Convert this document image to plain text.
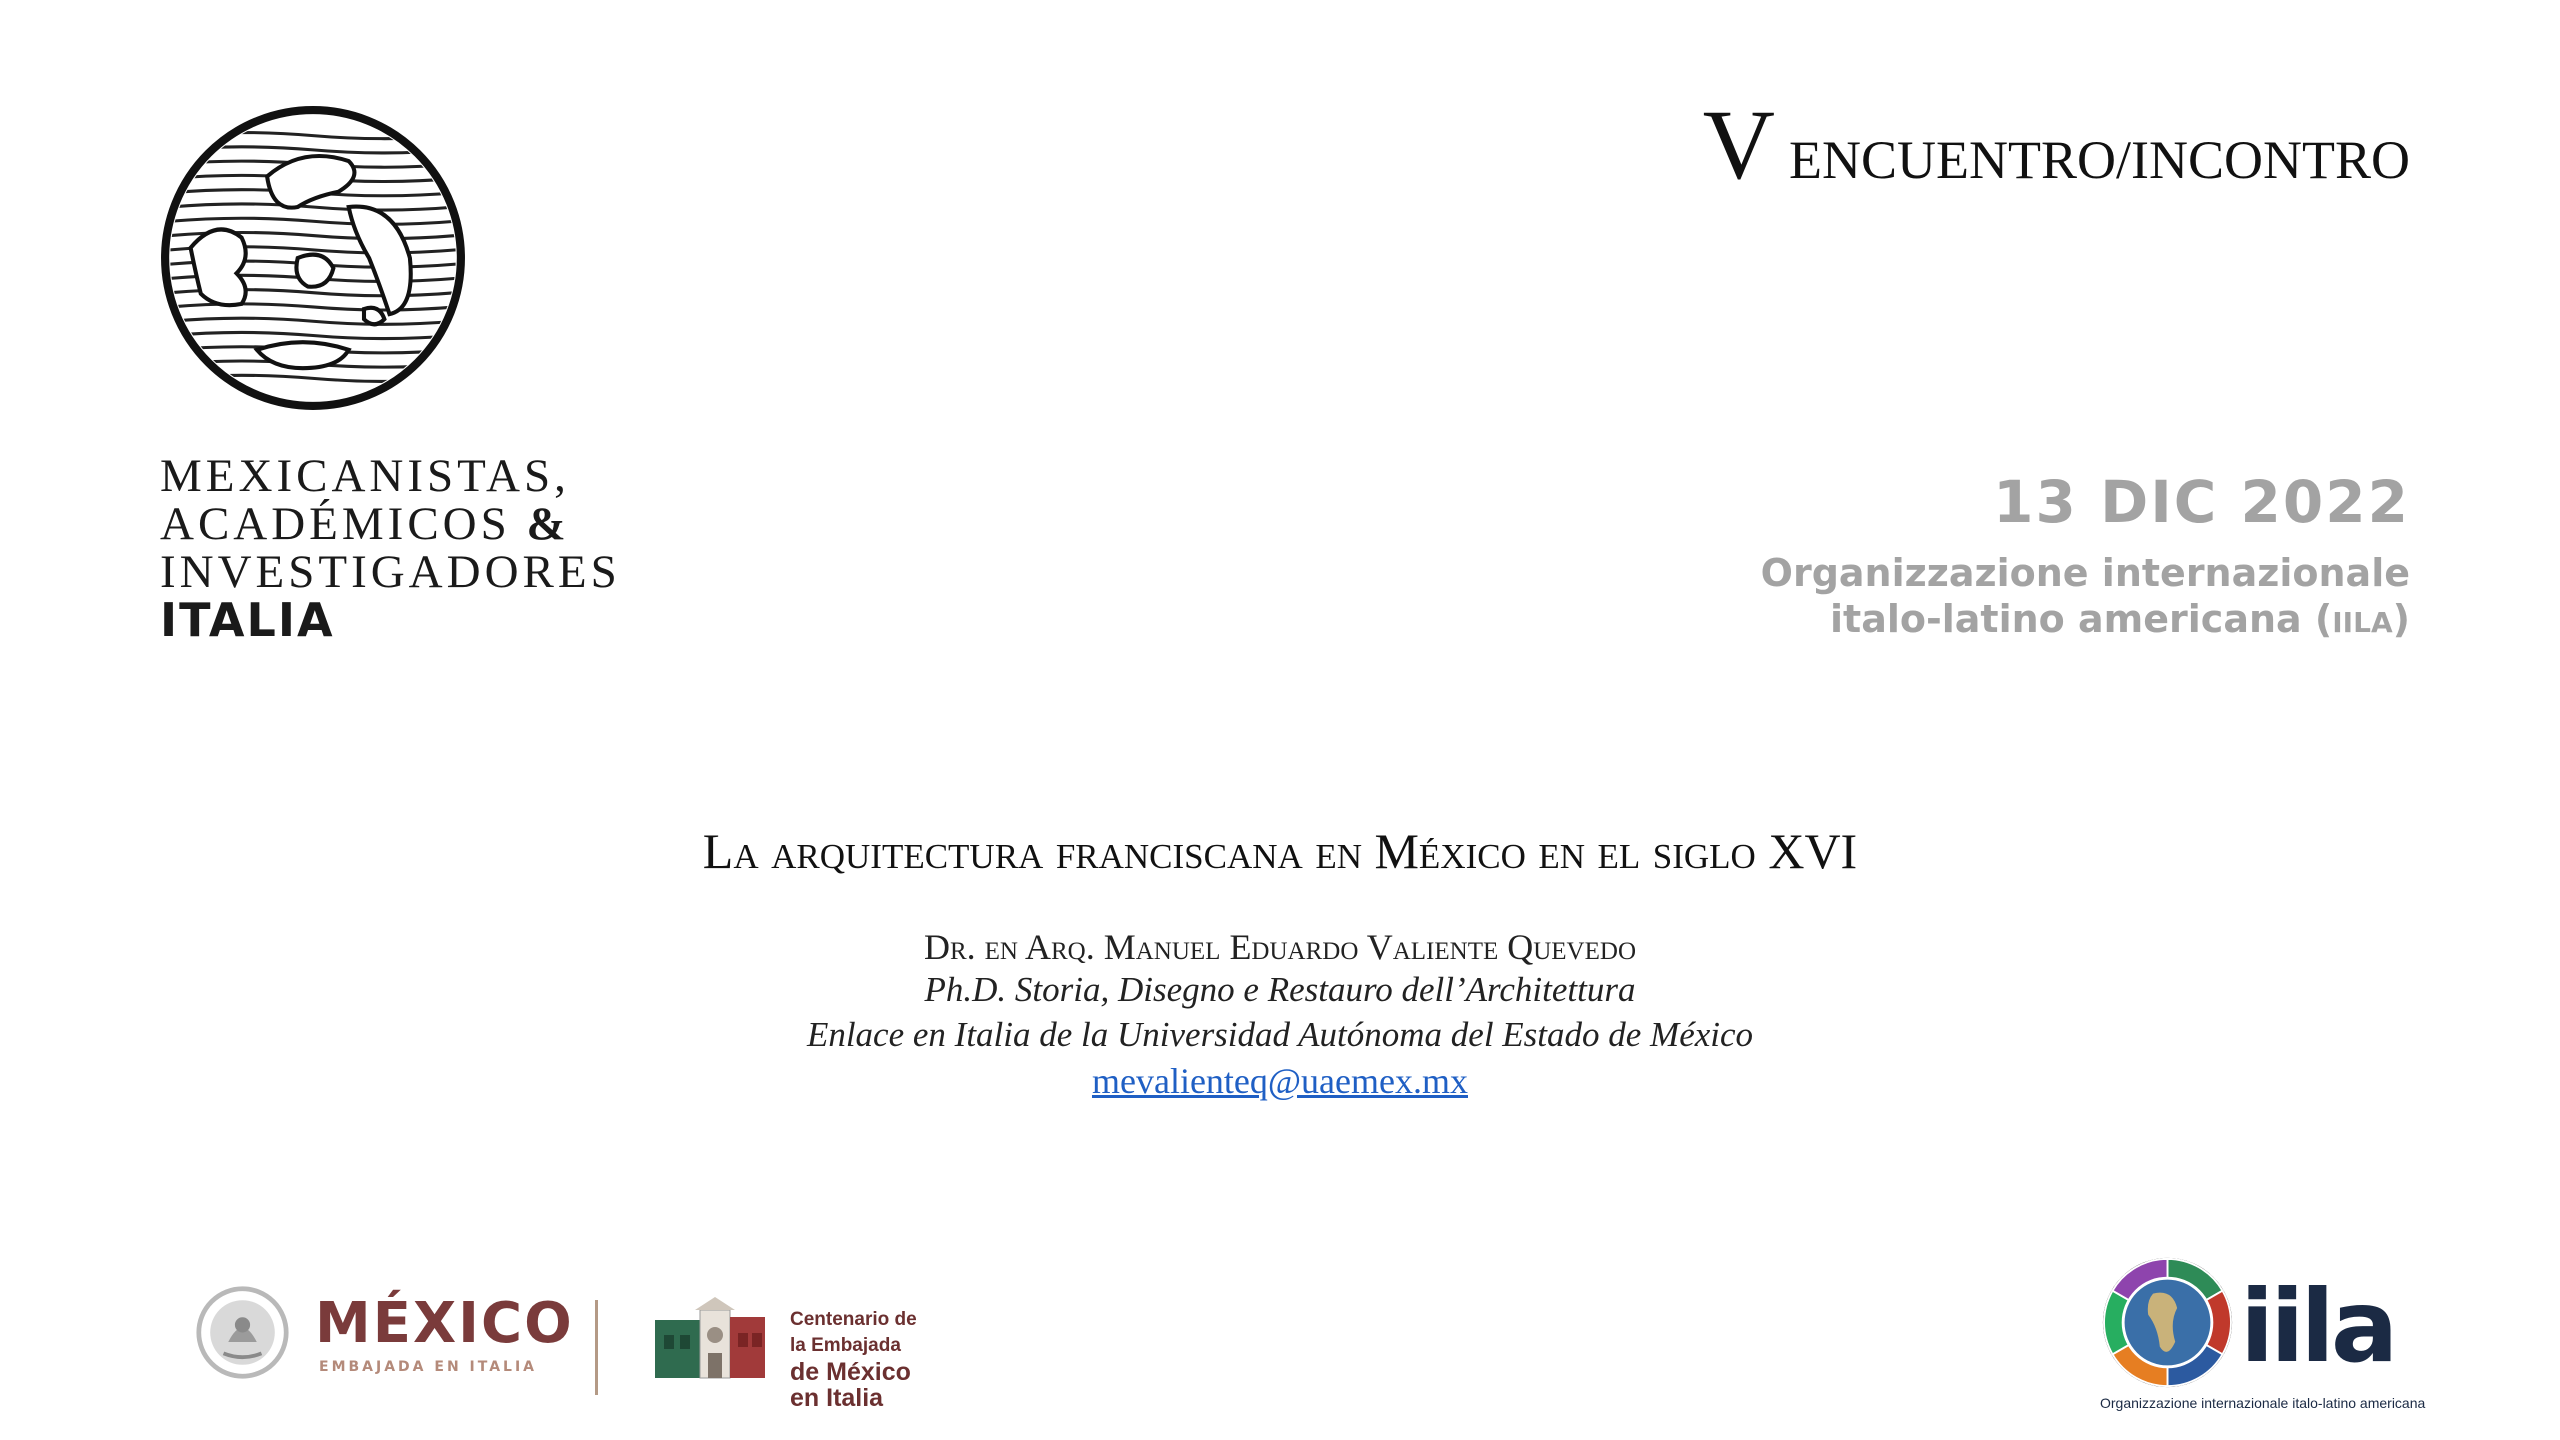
MEXICANISTAS,
ACADÉMICOS &
INVESTIGADORES
ITALIA
VENCUENTRO/INCONTRO
13 DIC 2022
Organizzazione internazionale
italo-latino americana (IILA)
La arquitectura franciscana en México en el siglo XVI
Dr. en Arq. Manuel Eduardo Valiente Quevedo
Ph.D. Storia, Disegno e Restauro dell’Architettura
Enlace en Italia de la Universidad Autónoma del Estado de México
mevalienteq@uaemex.mx
MÉXICO
EMBAJADA EN ITALIA
Centenario de la Embajada
de México en Italia
iila
Organizzazione internazionale italo-latino americana
